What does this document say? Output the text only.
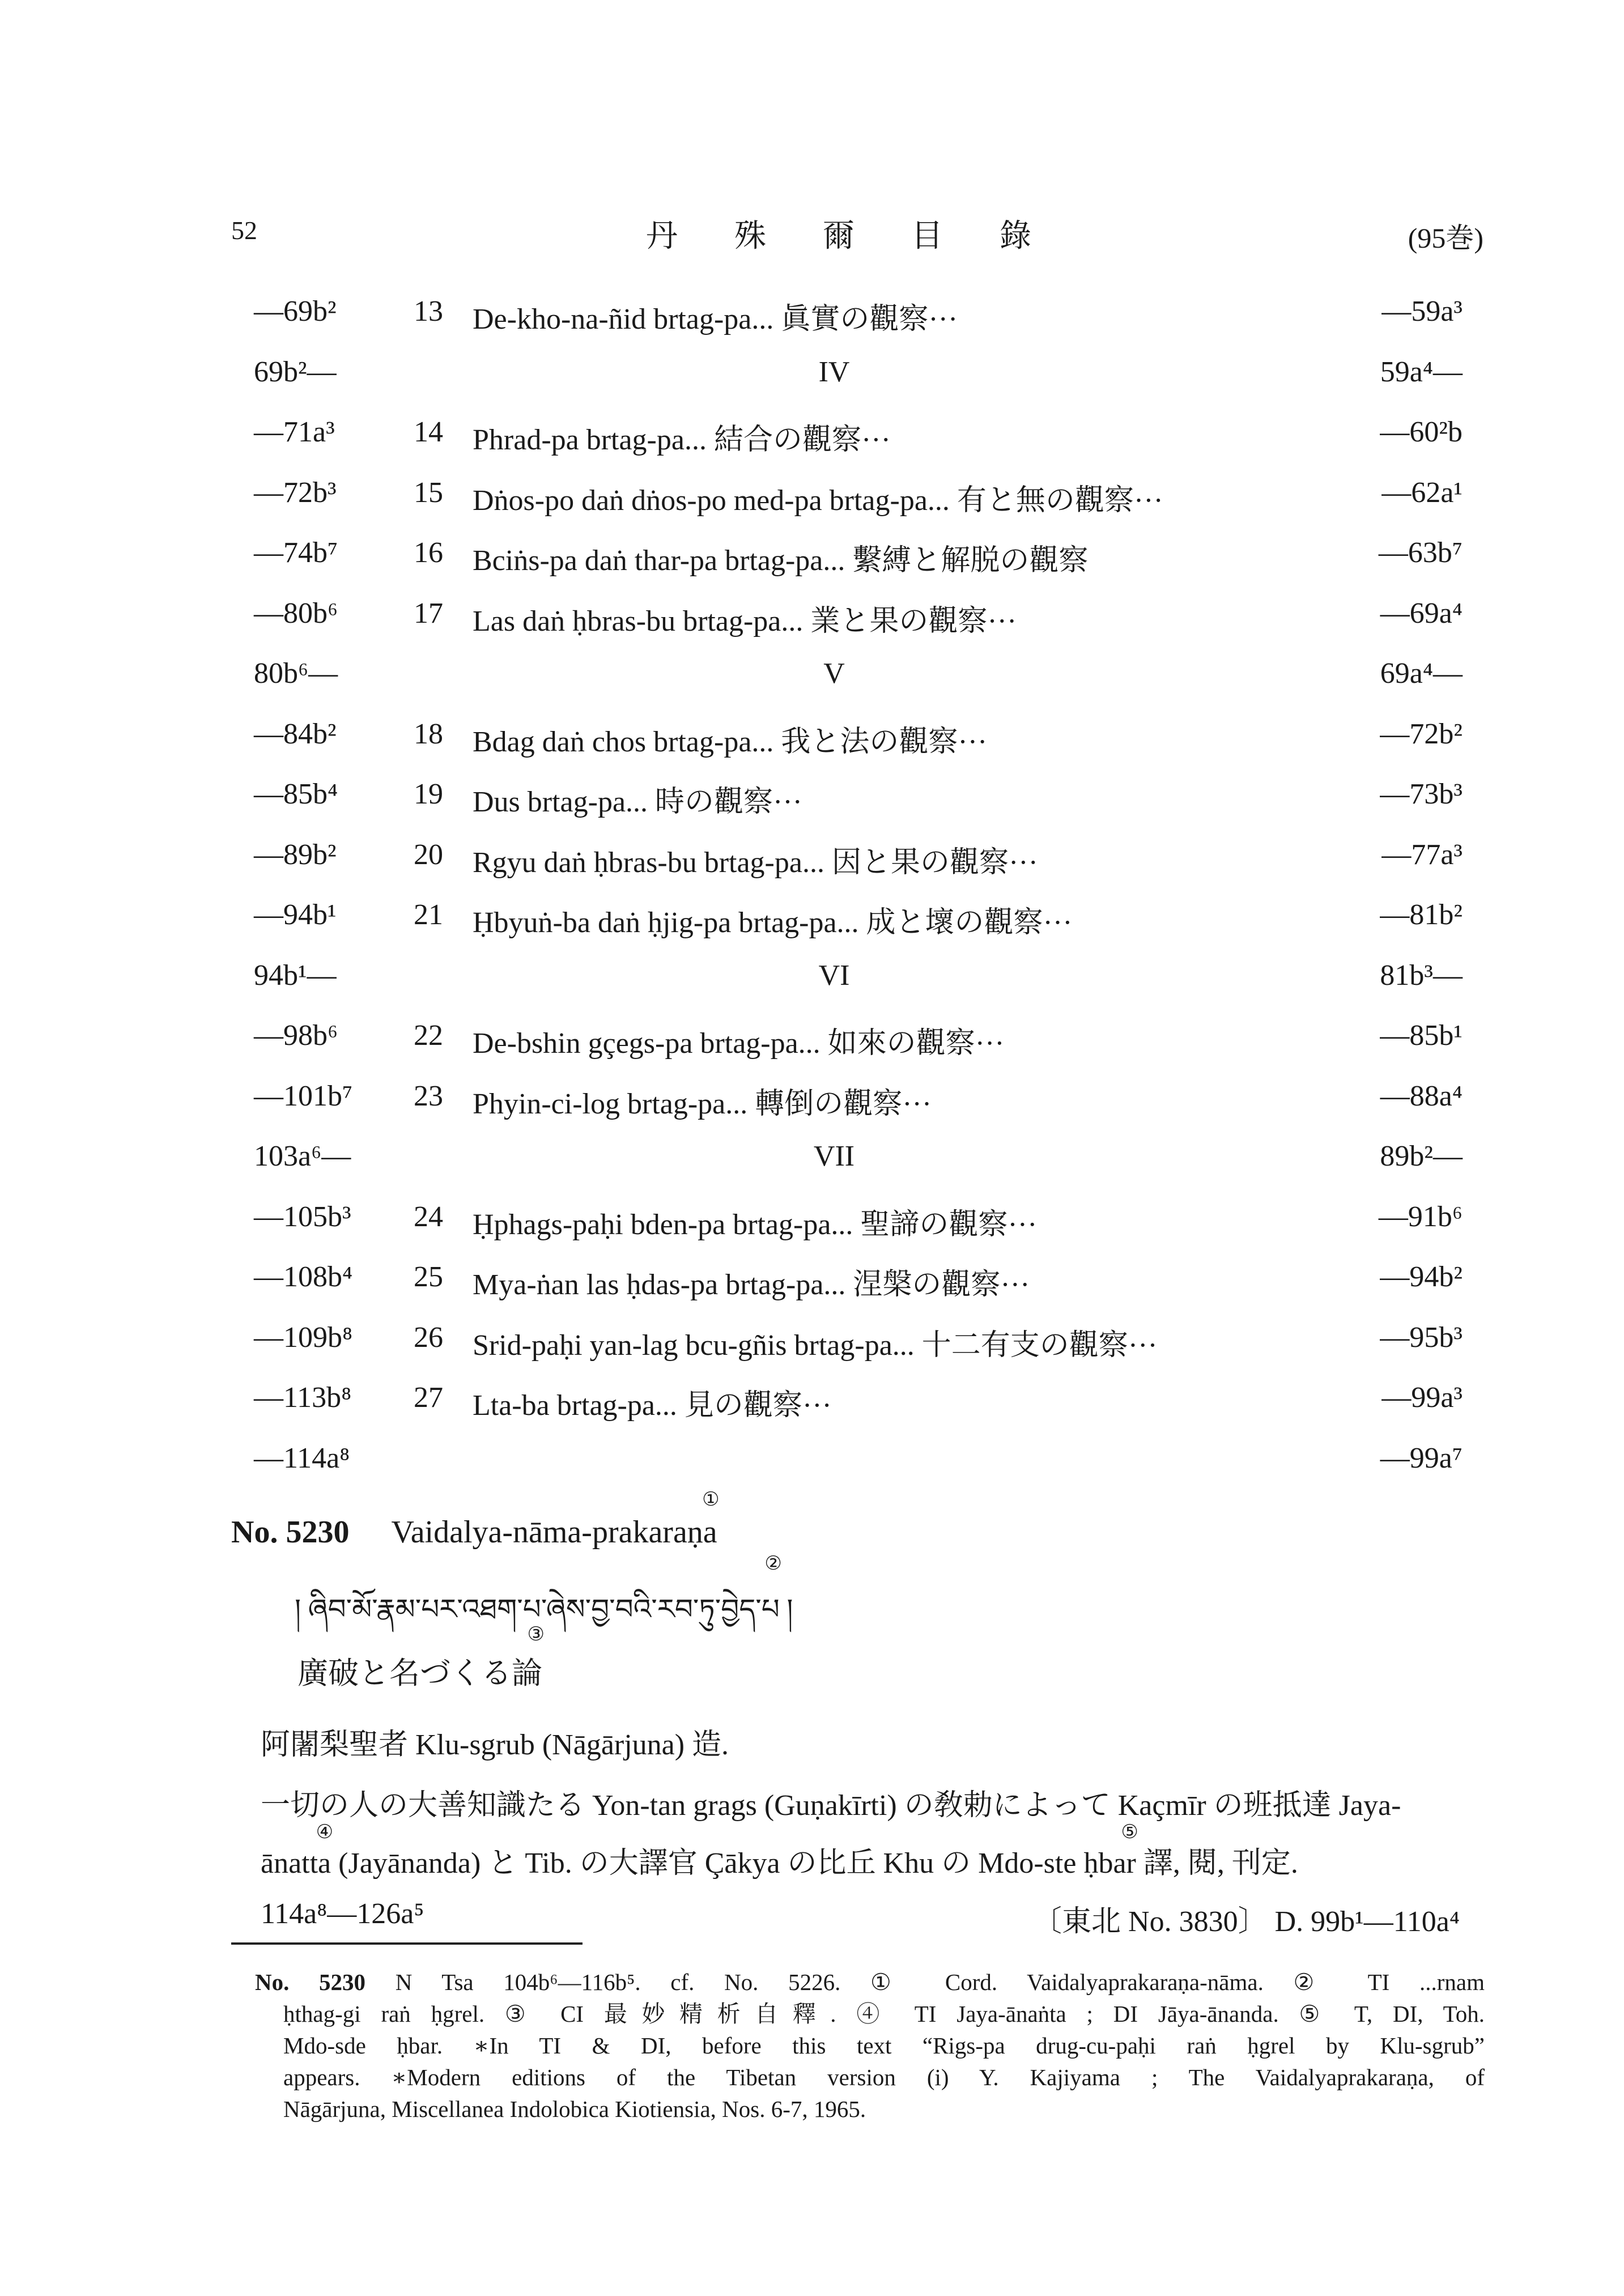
52	丹殊爾目錄	(95巻)
—69b²	13 De-kho-na-ñid brtag-pa... 眞實の觀察···	—59a³
69b²—	IV	59a⁴—
—71a³	14 Phrad-pa brtag-pa... 結合の觀察···	—60²b
—72b³	15 Dṅos-po daṅ dṅos-po med-pa brtag-pa... 有と無の觀察···	—62a¹
—74b⁷	16 Bciṅs-pa daṅ thar-pa brtag-pa... 繫縛と解脱の觀察	—63b⁷
—80b⁶	17 Las daṅ ḥbras-bu brtag-pa... 業と果の觀察···	—69a⁴
80b⁶—	V	69a⁴—
—84b²	18 Bdag daṅ chos brtag-pa... 我と法の觀察···	—72b²
—85b⁴	19 Dus brtag-pa... 時の觀察···	—73b³
—89b²	20 Rgyu daṅ ḥbras-bu brtag-pa... 因と果の觀察···	—77a³
—94b¹	21 Ḥbyuṅ-ba daṅ ḥjig-pa brtag-pa... 成と壞の觀察···	—81b²
94b¹—	VI	81b³—
—98b⁶	22 De-bshin gçegs-pa brtag-pa... 如來の觀察···	—85b¹
—101b⁷ 23 Phyin-ci-log brtag-pa... 轉倒の觀察···	—88a⁴
103a⁶—	VII	89b²—
—105b³ 24 Ḥphags-paḥi bden-pa brtag-pa... 聖諦の觀察···	—91b⁶
—108b⁴ 25 Mya-ṅan las ḥdas-pa brtag-pa... 涅槃の觀察···	—94b²
—109b⁸ 26 Srid-paḥi yan-lag bcu-gñis brtag-pa... 十二有支の觀察···	—95b³
—113b⁸ 27 Lta-ba brtag-pa... 見の觀察···	—99a³
—114a⁸	—99a⁷
No. 5230 Vaidalya-nāma-prakaraṇa
①
། ཞིབ་མོ་རྣམ་པར་འཐག་པ་ཞེས་བྱ་བའི་རབ་ཏུ་བྱེད་པ
②
།
廣破と名づくる論
③
阿闍梨聖者 Klu-sgrub (Nāgārjuna) 造.
一切の人の大善知識たる Yon-tan grags (Guṇakīrti) の敎勅によって Kaçmīr の班抵達 Jaya-
ānatta
④
(Jayānanda) と Tib. の大譯官 Çākya の比丘 Khu の Mdo-ste ḥbar
⑤
譯, 閱, 刊定.
114a⁸—126a⁵	〔東北 No. 3830〕 D. 99b¹—110a⁴
No. 5230 N Tsa 104b⁶—116b⁵. cf. No. 5226. ① Cord. Vaidalyaprakaraṇa-nāma. ② TI ...rnam
ḥthag-gi raṅ ḥgrel. ③ CI 最妙精析自釋. ④ TI Jaya-ānaṅta ; DI Jāya-ānanda. ⑤ T, DI, Toh.
Mdo-sde ḥbar. ∗In TI & DI, before this text “Rigs-pa drug-cu-paḥi raṅ ḥgrel by Klu-sgrub”
appears. ∗Modern editions of the Tibetan version (i) Y. Kajiyama ; The Vaidalyaprakaraṇa, of
Nāgārjuna, Miscellanea Indolobica Kiotiensia, Nos. 6-7, 1965.
